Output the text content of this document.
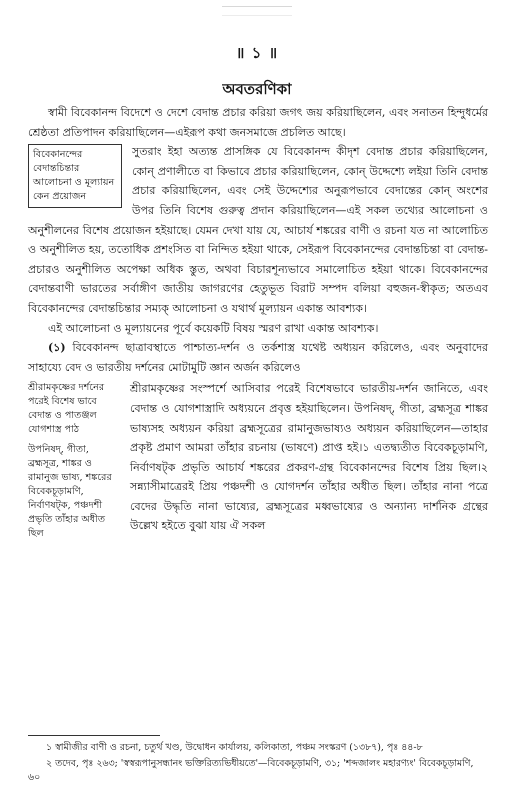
॥ ১ ॥
অবতরণিকা

স্বামী বিবেকানন্দ বিদেশে ও দেশে বেদান্ত প্রচার করিয়া জগৎ জয় করিয়াছিলেন, এবং সনাতন হিন্দুধর্মের শ্রেষ্ঠতা প্রতিপাদন করিয়াছিলেন—এইরূপ কথা জনসমাজে প্রচলিত আছে।

বিবেকানন্দের বেদান্তচিন্তার আলোচনা ও মূল্যায়ন কেন প্রয়োজন

সুতরাং ইহা অত্যন্ত প্রাসঙ্গিক যে বিবেকানন্দ কীদৃশ বেদান্ত প্রচার করিয়াছিলেন, কোন্ প্রণালীতে বা কিভাবে প্রচার করিয়াছিলেন, কোন্ উদ্দেশ্যে লইয়া তিনি বেদান্ত প্রচার করিয়াছিলেন, এবং সেই উদ্দেশ্যের অনুরূপভাবে বেদান্তের কোন্ অংশের উপর তিনি বিশেষ গুরুত্ব প্রদান করিয়াছিলেন—এই সকল তথ্যের আলোচনা ও অনুশীলনের বিশেষ প্রয়োজন হইয়াছে। যেমন দেখা যায় যে, আচার্য শঙ্করের বাণী ও রচনা যত না আলোচিত ও অনুশীলিত হয়, ততোধিক প্রশংসিত বা নিন্দিত হইয়া থাকে, সেইরূপ বিবেকানন্দের বেদান্তচিন্তা বা বেদান্ত-প্রচারও অনুশীলিত অপেক্ষা অধিক স্তুত, অথবা বিচারশূন্যভাবে সমালোচিত হইয়া থাকে। বিবেকানন্দের বেদান্তবাণী ভারতের সর্বাঙ্গীণ জাতীয় জাগরণের হেতুভূত বিরাট সম্পদ বলিয়া বহুজন-স্বীকৃত; অতএব বিবেকানন্দের বেদান্তচিন্তার সম্যক্ আলোচনা ও যথার্থ মূল্যায়ন একান্ত আবশ্যক।

এই আলোচনা ও মূল্যায়নের পূর্বে কয়েকটি বিষয় স্মরণ রাখা একান্ত আবশ্যক।

(১) বিবেকানন্দ ছাত্রাবস্থাতে পাশ্চাত্য-দর্শন ও তর্কশাস্ত্র যথেষ্ট অধ্যয়ন করিলেও, এবং অনুবাদের সাহায্যে বেদ ও ভারতীয় দর্শনের মোটামুটি জ্ঞান অর্জন করিলেও

শ্রীরামকৃষ্ণের দর্শনের পরেই বিশেষ ভাবে বেদান্ত ও পাতঞ্জল যোগশাস্ত্র পাঠ
উপনিষদ্, গীতা, ব্রহ্মসূত্র, শাঙ্কর ও রামানুজ ভাষ্য, শঙ্করের বিবেকচূড়ামণি, নির্বাণষট্ক, পঞ্চদশী প্রভৃতি তাঁহার অধীত ছিল

শ্রীরামকৃষ্ণের সংস্পর্শে আসিবার পরেই বিশেষভাবে ভারতীয়-দর্শন জানিতে, এবং বেদান্ত ও যোগশাস্ত্রাদি অধ্যয়নে প্রবৃত্ত হইয়াছিলেন। উপনিষদ্, গীতা, ব্রহ্মসূত্র শাঙ্কর ভাষ্যসহ অধ্যয়ন করিয়া ব্রহ্মসূত্রের রামানুজভাষ্যও অধ্যয়ন করিয়াছিলেন—তাহার প্রকৃষ্ট প্রমাণ আমরা তাঁহার রচনায় (ভাষণে) প্রাপ্ত হই।১ এতদ্ব্যতীত বিবেকচূড়ামণি, নির্বাণষট্ক প্রভৃতি আচার্য শঙ্করের প্রকরণ-গ্রন্থ বিবেকানন্দের বিশেষ প্রিয় ছিল।২ সন্ন্যাসীমাত্রেরই প্রিয় পঞ্চদশী ও যোগদর্শন তাঁহার অধীত ছিল। তাঁহার নানা পত্রে বেদের উদ্ধৃতি নানা ভাষ্যের, ব্রহ্মসূত্রের মধ্বভাষ্যের ও অন্যান্য দার্শনিক গ্রন্থের উল্লেখ হইতে বুঝা যায় ঐ সকল

১ স্বামীজীর বাণী ও রচনা, চতুর্থ খণ্ড, উদ্বোধন কার্যালয়, কলিকাতা, পঞ্চম সংস্করণ (১৩৮৭), পৃঃ ৪৪-৮

২ তদেব, পৃঃ ২৬৩; 'স্বস্বরূপানুসন্ধানং ভক্তিরিত্যভিধীয়তে'—বিবেকচূড়ামণি, ৩১; 'শব্দজালং মহারণ্যং' বিবেকচূড়ামণি, ৬০
